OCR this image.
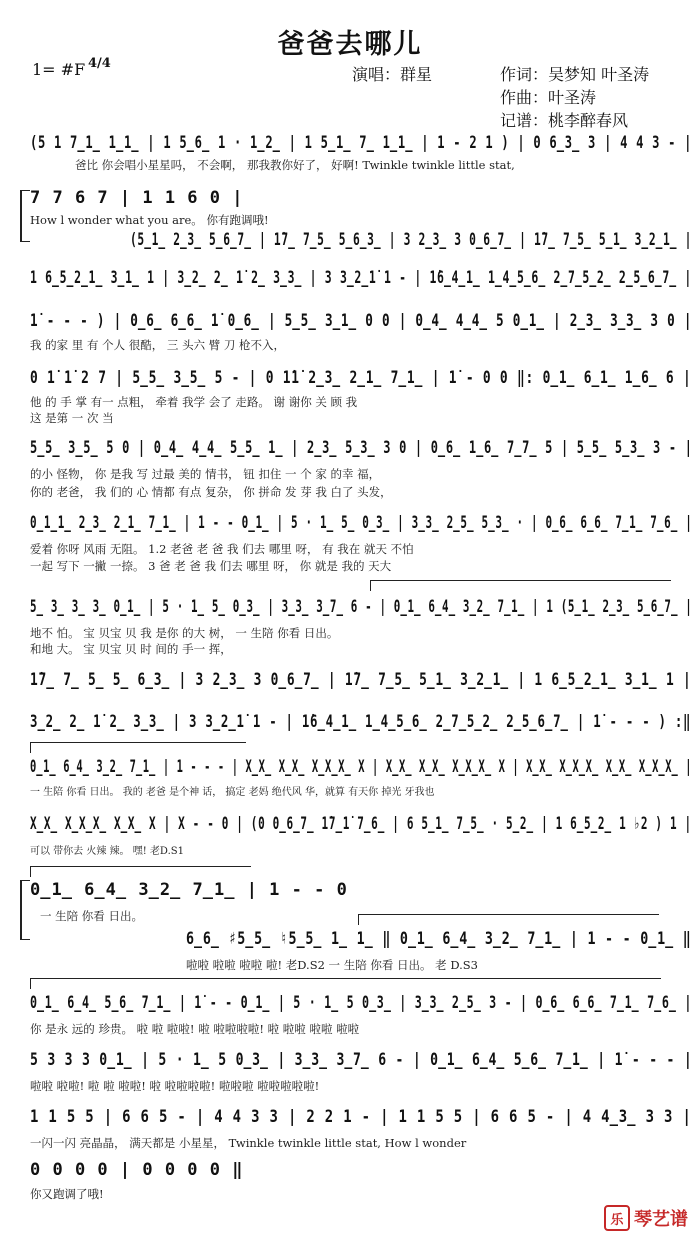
爸爸去哪儿
1= #F 4/4
演唱：群星	作词：吴梦知 叶圣涛
作曲：叶圣涛
记谱：桃李醉春风
(5 1 7̲1̲ 1̲1̲ | 1 5̲6̲ 1 · 1̲2̲ | 1 5̲1̲ 7̲ 1̲1̲ | 1 - 2 1 ) | 0 6̲3̲ 3 | 4 4 3 - |
爸比 你会唱小星星吗， 不会啊， 那我教你好了， 好啊! Twinkle twinkle little stat,
7 7 6 7 | 1 1 6 0 |
How l wonder what you are。 你有跑调哦!
(5̲1̲ 2̲3̲ 5̲6̲7̲ | 1̇7̲ 7̲5̲ 5̲6̲3̲ | 3 2̲3̲ 3 0̲6̲7̲ | 1̇7̲ 7̲5̲ 5̲1̲ 3̲2̲1̲ |
1 6̲5̲2̲1̲ 3̲1̲ 1 | 3̲2̲ 2̲ 1̇ 2̲ 3̲3̲ | 3 3̲2̲1̇ 1 - | 1̇6̲4̲1̲ 1̲4̲5̲6̲ 2̲7̲5̲2̲ 2̲5̲6̲7̲ |
1̇ - - - ) | 0̲6̲ 6̲6̲ 1̇ 0̲6̲ | 5̲5̲ 3̲1̲ 0 0 | 0̲4̲ 4̲4̲ 5 0̲1̲ | 2̲3̲ 3̲3̲ 3 0 |
我 的家 里 有 个人 很酷， 三 头六 臂 刀 枪不入，
0 1̇ 1̇ 2 7 | 5̲5̲ 3̲5̲ 5 - | 0 1̇1̇ 2̲3̲ 2̲1̲ 7̲1̲ | 1̇ - 0 0 ‖: 0̲1̲ 6̲1̲ 1̲6̲ 6 |
他 的 手 掌 有一 点粗， 牵着 我学 会了 走路。 谢 谢你 关 顾 我
这 是第 一 次 当
5̲5̲ 3̲5̲ 5 0 | 0̲4̲ 4̲4̲ 5̲5̲ 1̲ | 2̲3̲ 5̲3̲ 3 0 | 0̲6̲ 1̲6̲ 7̲7̲ 5 | 5̲5̲ 5̲3̲ 3 - |
的小 怪物， 你 是我 写 过最 美的 情书， 钮 扣住 一 个 家 的幸 福，
你的 老爸， 我 们的 心 情都 有点 复杂， 你 拼命 发 芽 我 白了 头发，
0̲1̲1̲ 2̲3̲ 2̲1̲ 7̲1̲ | 1 - - 0̲1̲ | 5 · 1̲ 5̲ 0̲3̲ | 3̲3̲ 2̲5̲ 5̲3̲ · | 0̲6̲ 6̲6̲ 7̲1̲ 7̲6̲ |
爱着 你呀 风雨 无阻。 1.2 老爸 老 爸 我 们去 哪里 呀， 有 我在 就天 不怕
一起 写下 一撇 一捺。 3 爸 老 爸 我 们去 哪里 呀， 你 就是 我的 天大
5̲ 3̲ 3̲ 3̲ 0̲1̲ | 5 · 1̲ 5̲ 0̲3̲ | 3̲3̲ 3̲7̲ 6 - | 0̲1̲ 6̲4̲ 3̲2̲ 7̲1̲ | 1 (5̲1̲ 2̲3̲ 5̲6̲7̲ |
地不 怕。 宝 贝宝 贝 我 是你 的大 树， 一 生陪 你看 日出。
和地 大。 宝 贝宝 贝 时 间的 手一 挥，
1̇7̲ 7̲ 5̲ 5̲ 6̲3̲ | 3 2̲3̲ 3 0̲6̲7̲ | 1̇7̲ 7̲5̲ 5̲1̲ 3̲2̲1̲ | 1 6̲5̲2̲1̲ 3̲1̲ 1 |
3̲2̲ 2̲ 1̇ 2̲ 3̲3̲ | 3 3̲2̲1̇ 1 - | 1̇6̲4̲1̲ 1̲4̲5̲6̲ 2̲7̲5̲2̲ 2̲5̲6̲7̲ | 1̇ - - - ) :‖
0̲1̲ 6̲4̲ 3̲2̲ 7̲1̲ | 1 - - - | X̲X̲ X̲X̲ X̲X̲X̲ X | X̲X̲ X̲X̲ X̲X̲X̲ X | X̲X̲ X̲X̲X̲ X̲X̲ X̲X̲X̲ |
一 生陪 你看 日出。 我的 老爸 是个神 话， 搞定 老妈 绝代风 华，就算 有天你 掉光 牙我也
X̲X̲ X̲X̲X̲ X̲X̲ X | X - - 0 | (0 0̲6̲7̲ 1̇7̲1̇ 7̲6̲ | 6 5̲1̲ 7̲5̲ · 5̲2̲ | 1 6̲5̲2̲ 1 ♭2 ) 1 |
可以 带你去 火辣 辣。 嘿! 老D.S1
0̲1̲ 6̲4̲ 3̲2̲ 7̲1̲ | 1 - - 0
一 生陪 你看 日出。
6̲6̲ ♯5̲5̲ ♮5̲5̲ 1̲ 1̲ ‖ 0̲1̲ 6̲4̲ 3̲2̲ 7̲1̲ | 1 - - 0̲1̲ ‖
啦啦 啦啦 啦啦 啦! 老D.S2 一 生陪 你看 日出。 老 D.S3
0̲1̲ 6̲4̲ 5̲6̲ 7̲1̲ | 1̇ - - 0̲1̲ | 5 · 1̲ 5 0̲3̲ | 3̲3̲ 2̲5̲ 3 - | 0̲6̲ 6̲6̲ 7̲1̲ 7̲6̲ |
你 是永 远的 珍贵。 啦 啦 啦啦! 啦 啦啦啦啦! 啦 啦啦 啦啦 啦啦
5 3 3 3 0̲1̲ | 5 · 1̲ 5 0̲3̲ | 3̲3̲ 3̲7̲ 6 - | 0̲1̲ 6̲4̲ 5̲6̲ 7̲1̲ | 1̇ - - - |
啦啦 啦啦! 啦 啦 啦啦! 啦 啦啦啦啦! 啦啦啦 啦啦啦啦啦!
1 1 5 5 | 6 6 5 - | 4 4 3 3 | 2 2 1 - | 1 1 5 5 | 6 6 5 - | 4 4̲3̲ 3 3 |
一闪一闪 亮晶晶， 满天都是 小星星， Twinkle twinkle little stat, How l wonder
0 0 0 0 | 0 0 0 0 ‖
你又跑调了哦!
乐 琴艺谱
